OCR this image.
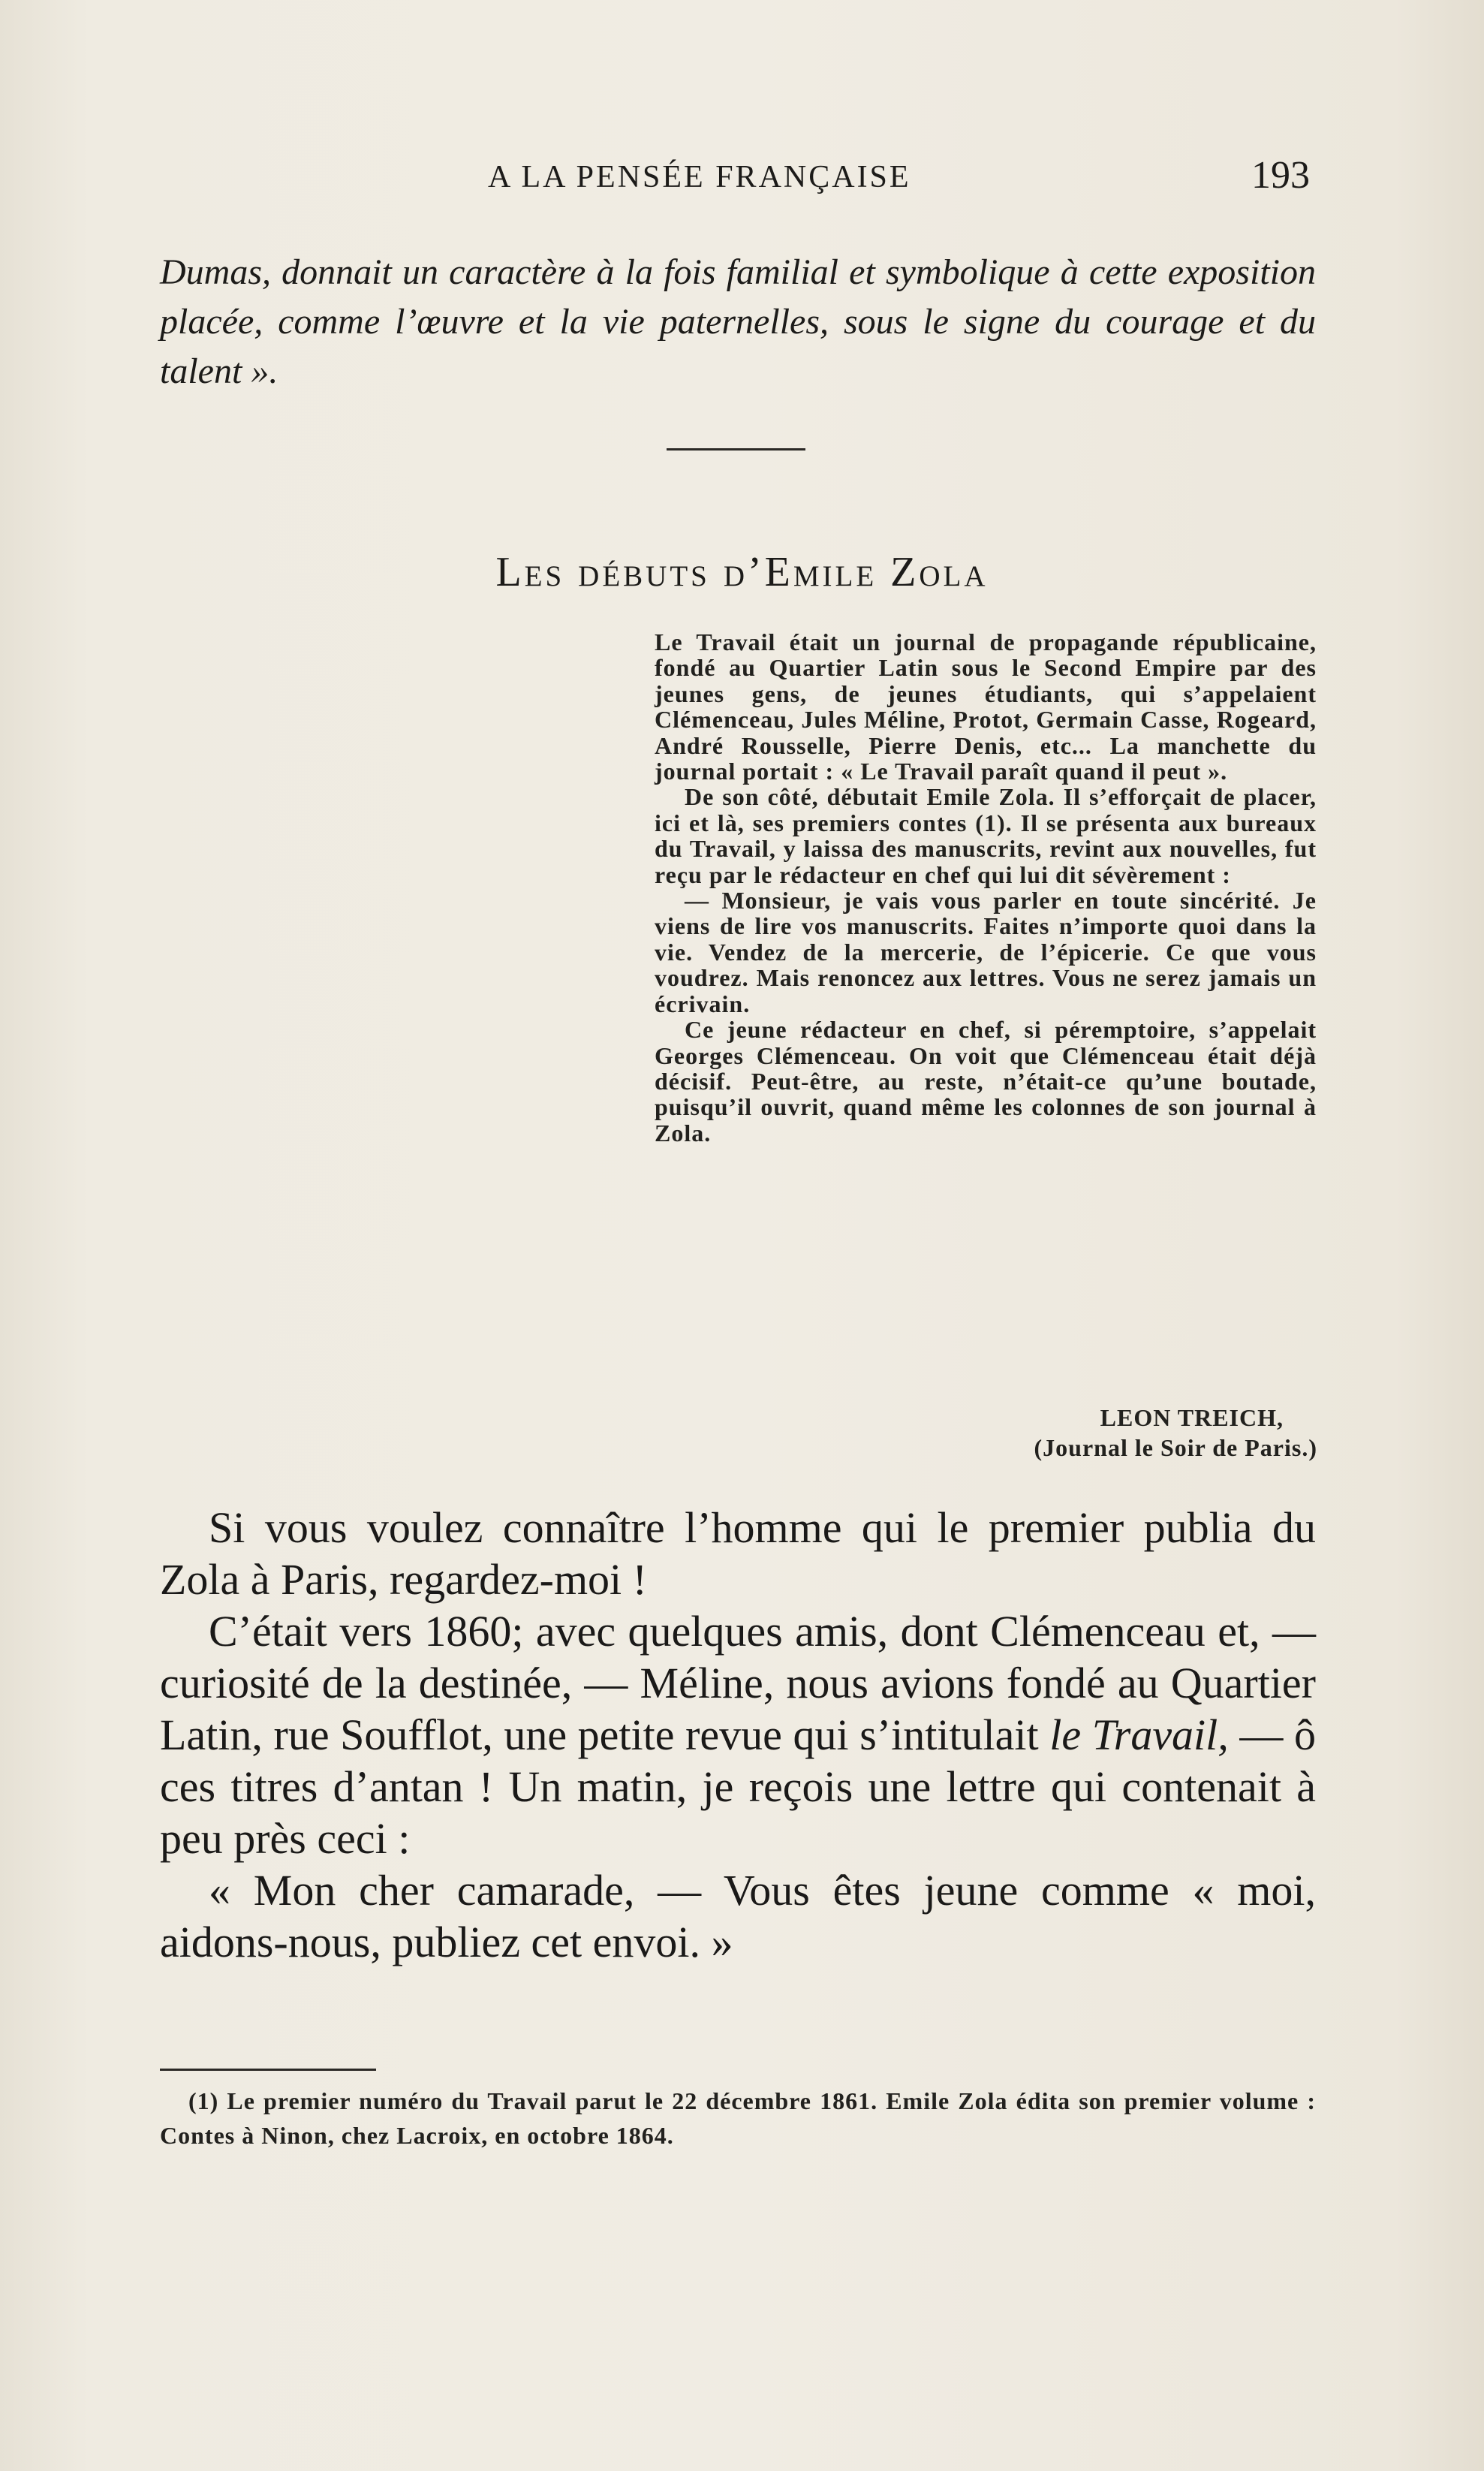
A LA PENSÉE FRANÇAISE	193

Dumas, donnait un caractère à la fois familial et symbolique à cette exposition placée, comme l’œuvre et la vie paternelles, sous le signe du courage et du talent ».

Les débuts d’Emile Zola

Le Travail était un journal de propagande républicaine, fondé au Quartier Latin sous le Second Empire par des jeunes gens, de jeunes étudiants, qui s’appelaient Clémenceau, Jules Méline, Protot, Germain Casse, Rogeard, André Rousselle, Pierre Denis, etc... La manchette du journal portait : « Le Travail paraît quand il peut ».

De son côté, débutait Emile Zola. Il s’efforçait de placer, ici et là, ses premiers contes (1). Il se présenta aux bureaux du Travail, y laissa des manuscrits, revint aux nouvelles, fut reçu par le rédacteur en chef qui lui dit sévèrement :

— Monsieur, je vais vous parler en toute sincérité. Je viens de lire vos manuscrits. Faites n’importe quoi dans la vie. Vendez de la mercerie, de l’épicerie. Ce que vous voudrez. Mais renoncez aux lettres. Vous ne serez jamais un écrivain.

Ce jeune rédacteur en chef, si péremptoire, s’appelait Georges Clémenceau. On voit que Clémenceau était déjà décisif. Peut-être, au reste, n’était-ce qu’une boutade, puisqu’il ouvrit, quand même les colonnes de son journal à Zola.

LEON TREICH,
(Journal le Soir de Paris.)

Si vous voulez connaître l’homme qui le premier publia du Zola à Paris, regardez-moi !

C’était vers 1860; avec quelques amis, dont Clémenceau et, — curiosité de la destinée, — Méline, nous avions fondé au Quartier Latin, rue Soufflot, une petite revue qui s’intitulait le Travail, — ô ces titres d’antan ! Un matin, je reçois une lettre qui contenait à peu près ceci :

« Mon cher camarade, — Vous êtes jeune comme « moi, aidons-nous, publiez cet envoi. »

(1) Le premier numéro du Travail parut le 22 décembre 1861. Emile Zola édita son premier volume : Contes à Ninon, chez Lacroix, en octobre 1864.
